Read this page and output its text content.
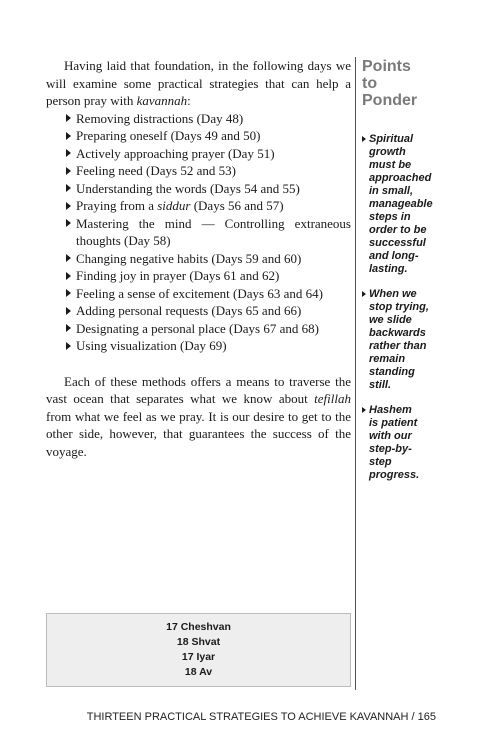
Having laid that foundation, in the following days we will examine some practical strategies that can help a person pray with kavannah:

Removing distractions (Day 48)
Preparing oneself (Days 49 and 50)
Actively approaching prayer (Day 51)
Feeling need (Days 52 and 53)
Understanding the words (Days 54 and 55)
Praying from a siddur (Days 56 and 57)
Mastering the mind — Controlling extraneous thoughts (Day 58)
Changing negative habits (Days 59 and 60)
Finding joy in prayer (Days 61 and 62)
Feeling a sense of excitement (Days 63 and 64)
Adding personal requests (Days 65 and 66)
Designating a personal place (Days 67 and 68)
Using visualization (Day 69)

Each of these methods offers a means to traverse the vast ocean that separates what we know about tefillah from what we feel as we pray. It is our desire to get to the other side, however, that guarantees the success of the voyage.

Points
to
Ponder
Spiritual
growth
must be
approached
in small,
manageable
steps in
order to be
successful
and long-
lasting.
When we
stop trying,
we slide
backwards
rather than
remain
standing
still.
Hashem
is patient
with our
step-by-step
progress.
17 Cheshvan
18 Shvat
17 Iyar
18 Av
THIRTEEN PRACTICAL STRATEGIES TO ACHIEVE KAVANNAH / 165
